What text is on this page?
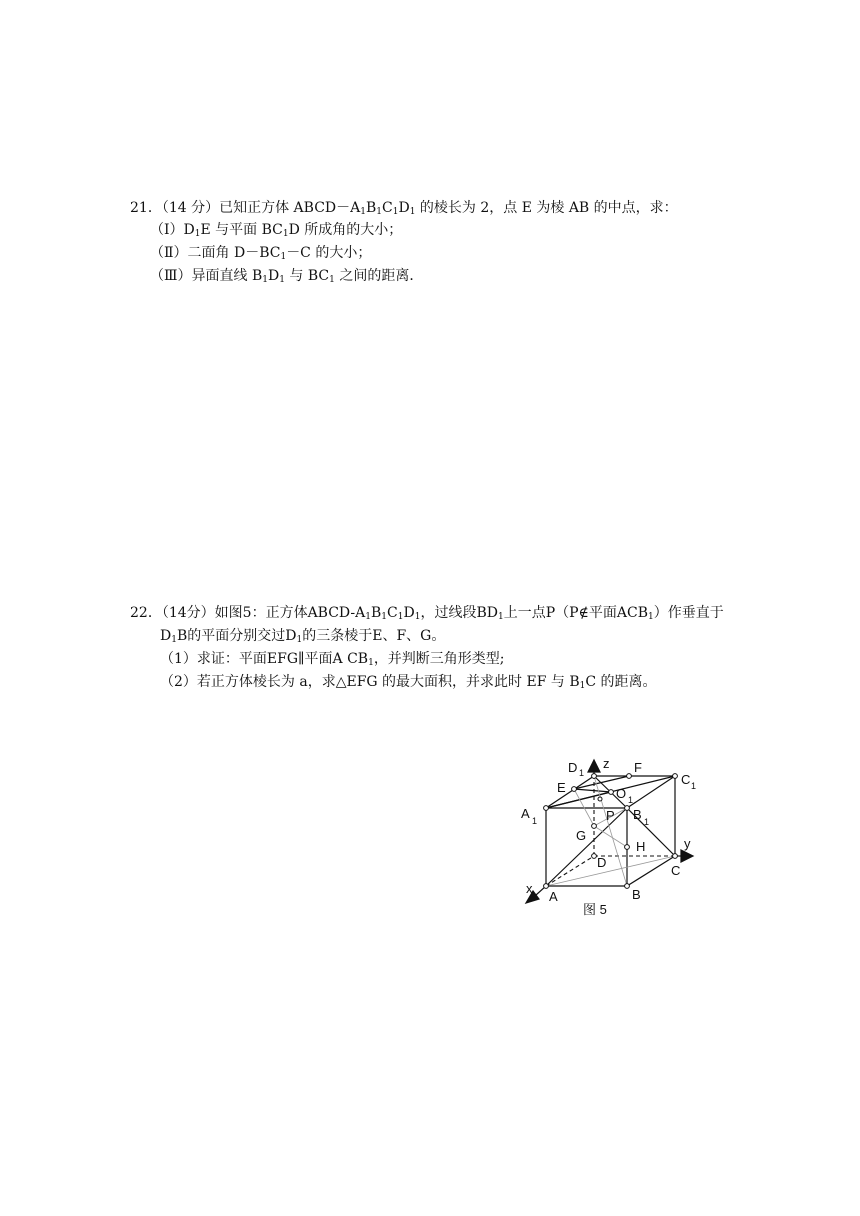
21．（14 分）已知正方体 $ABCD-A_1B_1C_1D_1$ 的棱长为 2，点 E 为棱 AB 的中点，求：
$(Ⅰ)D_1E$ 与平面 $BC_1D$ 所成角的大小；
（Ⅱ）二面角 $D-BC_1-C$ 的大小；
（Ⅲ）异面直线 $B_1D_1$ 与 $BC_1$ 之间的距离．
22．（14分）如图5：正方体ABCD-$A_1B_1C_1D_1$，过线段$BD_1$上一点P（P∉平面$ACB_1$）作垂直于
$D_1B$的平面分别交过$D_1$的三条棱于E、F、G。
（1）求证：平面EFG∥平面A $CB_1$，并判断三角形类型;
（2）若正方体棱长为 a，求△EFG 的最大面积，并求此时 EF 与 $B_1C$ 的距离。
D 1
z F
C 1
E	O 1
A 1	P B 1
G
H	y
D
C
x
A	B
图 5
